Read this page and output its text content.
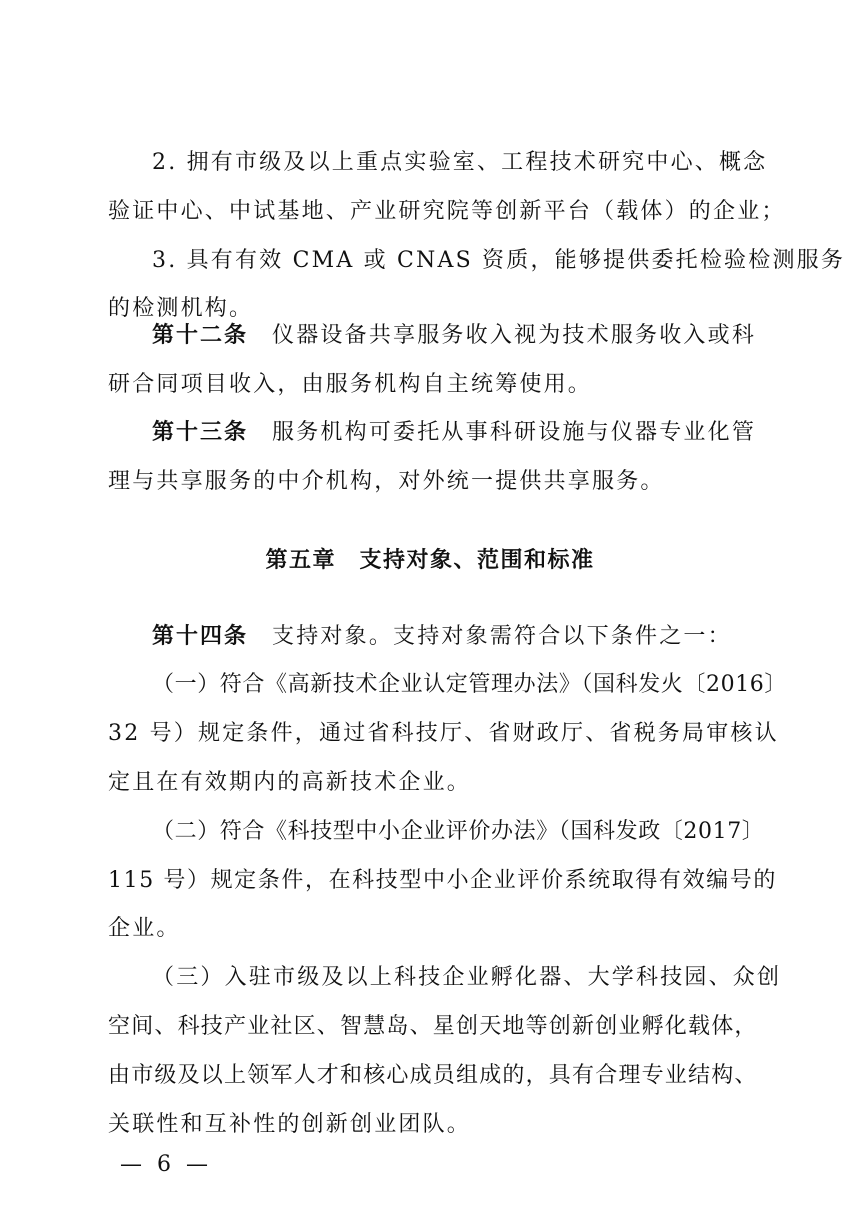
2. 拥有市级及以上重点实验室、工程技术研究中心、概念
验证中心、中试基地、产业研究院等创新平台（载体）的企业；
3. 具有有效 CMA 或 CNAS 资质，能够提供委托检验检测服务
的检测机构。
第十二条 仪器设备共享服务收入视为技术服务收入或科
研合同项目收入，由服务机构自主统筹使用。
第十三条 服务机构可委托从事科研设施与仪器专业化管
理与共享服务的中介机构，对外统一提供共享服务。
第五章　支持对象、范围和标准
第十四条 支持对象。支持对象需符合以下条件之一：
（一）符合《高新技术企业认定管理办法》（国科发火〔2016〕
32 号）规定条件，通过省科技厅、省财政厅、省税务局审核认
定且在有效期内的高新技术企业。
（二）符合《科技型中小企业评价办法》（国科发政〔2017〕
115 号）规定条件，在科技型中小企业评价系统取得有效编号的
企业。
（三）入驻市级及以上科技企业孵化器、大学科技园、众创
空间、科技产业社区、智慧岛、星创天地等创新创业孵化载体，
由市级及以上领军人才和核心成员组成的，具有合理专业结构、
关联性和互补性的创新创业团队。
— 6 —
